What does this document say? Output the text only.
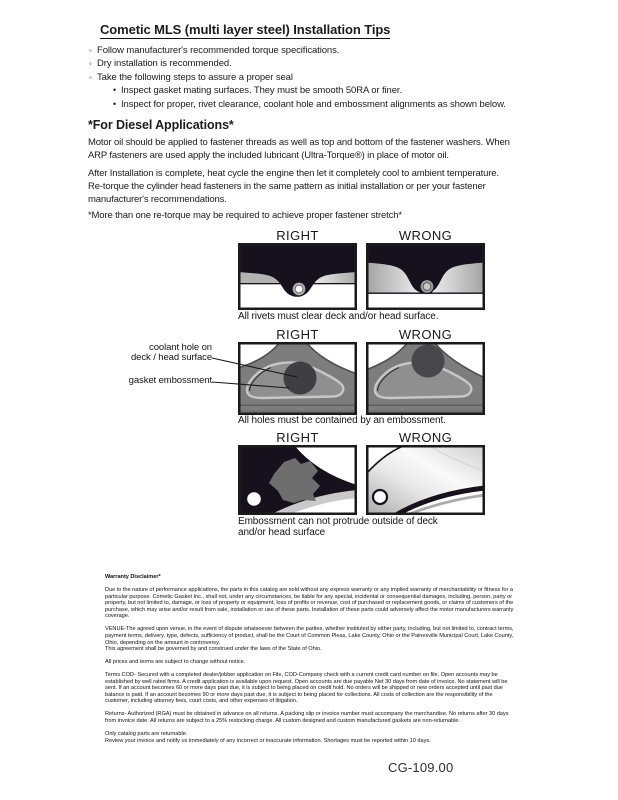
Cometic MLS (multi layer steel) Installation Tips
◦ Follow manufacturer's recommended torque specifications.
◦ Dry installation is recommended.
◦ Take the following steps to assure a proper seal
• Inspect gasket mating surfaces. They must be smooth 50RA or finer.
• Inspect for proper, rivet clearance, coolant hole and embossment alignments as shown below.
*For Diesel Applications*
Motor oil should be applied to fastener threads as well as top and bottom of the fastener washers. When ARP fasteners are used apply the included lubricant (Ultra-Torque®) in place of motor oil.
After Installation is complete, heat cycle the engine then let it completely cool to ambient temperature. Re-torque the cylinder head fasteners in the same pattern as initial installation or per your fastener manufacturer's recommendations.
*More than one re-torque may be required to achieve proper fastener stretch*
RIGHT	WRONG
All rivets must clear deck and/or head surface.
RIGHT	WRONG
coolant hole on
deck / head surface
gasket embossment
All holes must be contained by an embossment.
RIGHT	WRONG
Embossment can not protrude outside of deck
and/or head surface

Warranty Disclaimer*

Due to the nature of performance applications, the parts in this catalog are sold without any express warranty or any implied warranty of merchantability or fitness for a particular purpose. Cometic Gasket Inc., shall not, under any circumstances, be liable for any special, incidental or consequential damages, including, person, party or property, but not limited to, damage, or loss of property or equipment, loss of profits or revenue, cost of purchased or replacement goods, or claims of customers of the purchase, which may arise and/or result from sale, installation or use of these parts. Installation of these parts could adversely affect the motor manufacturers warranty coverage.

VENUE-The agreed upon venue, in the event of dispute whatsoever between the parties, whether instituted by either party, including, but not limited to, contract terms, payment terms, delivery, type, defects, sufficiency of product, shall be the Court of Common Pleas, Lake County, Ohio or the Painesville Municipal Court, Lake County, Ohio, depending on the amount in controversy.

This agreement shall be governed by and construed under the laws of the State of Ohio.

All prices and terms are subject to change without notice.

Terms COD- Secured with a completed dealer/jobber application on File, COD-Company check with a current credit card number on file. Open accounts may be established by well rated firms. A credit application is available upon request. Open accounts are due payable Net 30 days from date of invoice. No statement will be sent. If an account becomes 60 or more days past due, it is subject to being placed on credit hold. No orders will be shipped or new orders accepted until past due balance is paid. If an account becomes 90 or more days past due, it is subject to being placed for collections. All costs of collection are the responsibility of the customer, including attorney fees, court costs, and other expenses of litigation.

Returns- Authorized (RGA) must be obtained in advance on all returns. A packing slip or invoice number must accompany the merchandise. No returns after 30 days from invoice date. All returns are subject to a 25% restocking charge. All custom designed and custom manufactured gaskets are non-returnable.

Only catalog parts are returnable.

Review your invoice and notify us immediately of any incorrect or inaccurate information. Shortages must be reported within 10 days.

CG-109.00
